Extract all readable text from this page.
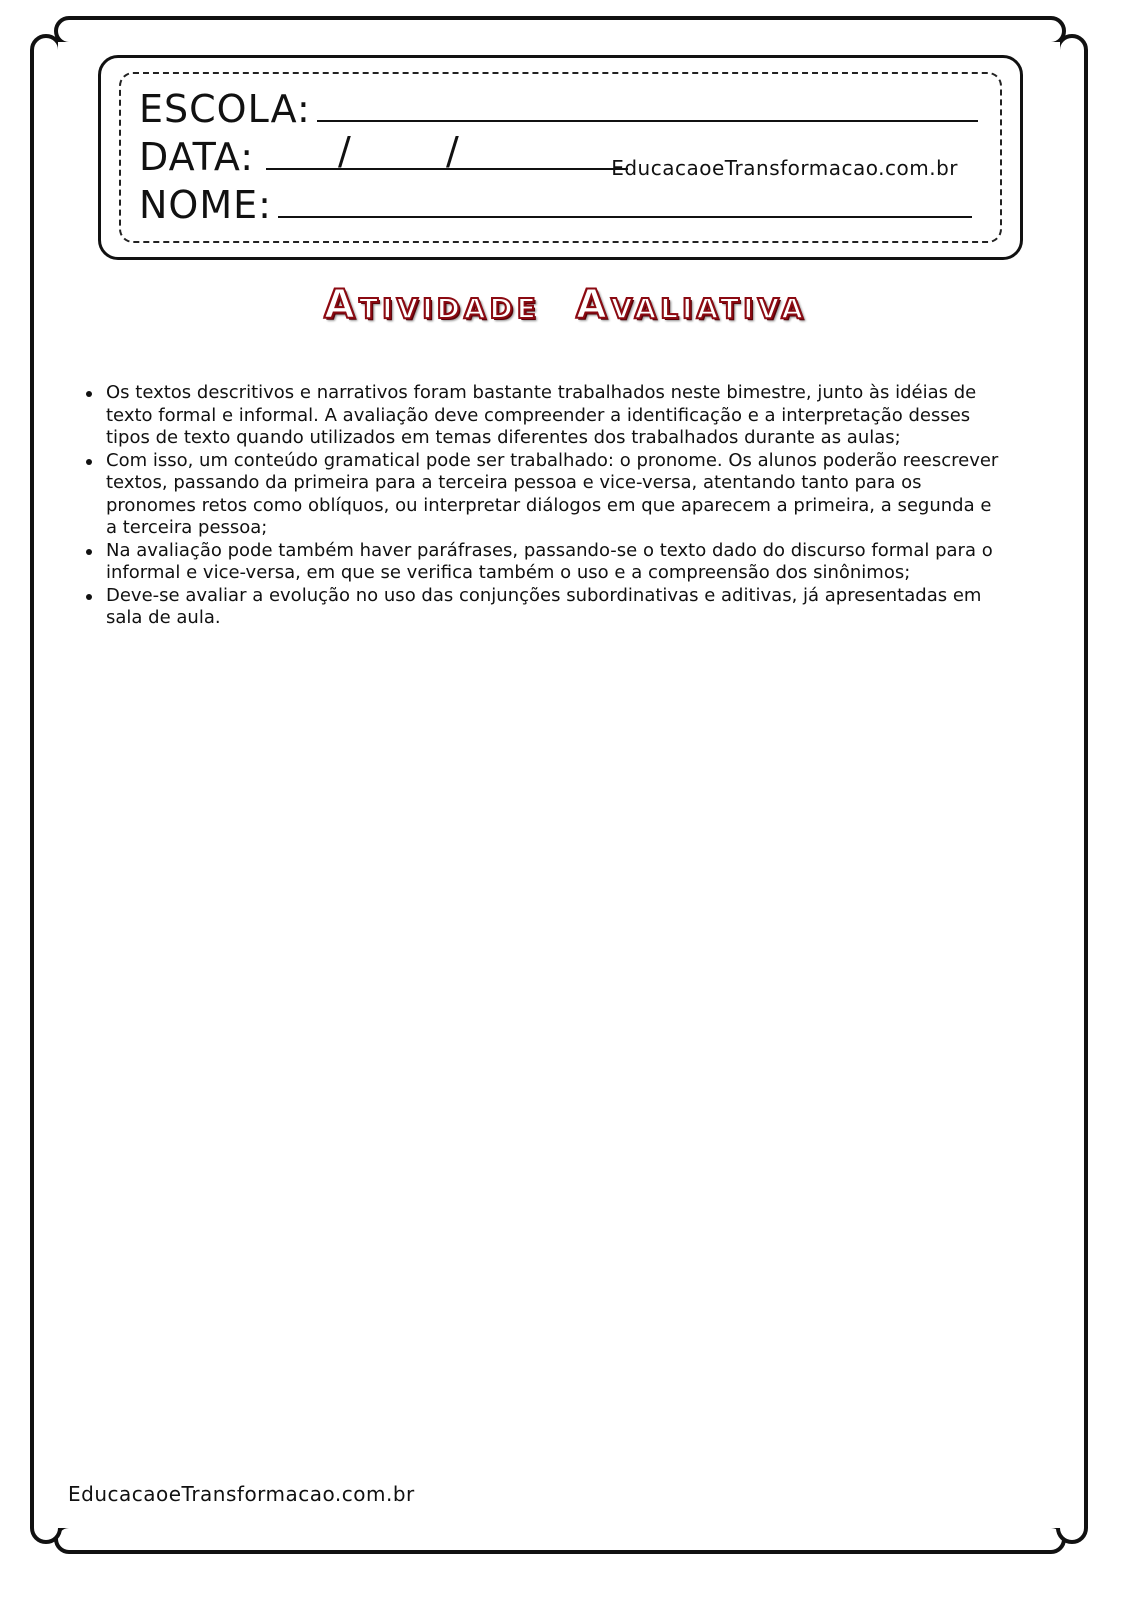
ESCOLA:
DATA: / /	EducacaoeTransformacao.com.br
NOME:
Atividade Avaliativa
Os textos descritivos e narrativos foram bastante trabalhados neste bimestre, junto às idéias de texto formal e informal. A avaliação deve compreender a identificação e a interpretação desses tipos de texto quando utilizados em temas diferentes dos trabalhados durante as aulas;
Com isso, um conteúdo gramatical pode ser trabalhado: o pronome. Os alunos poderão reescrever textos, passando da primeira para a terceira pessoa e vice-versa, atentando tanto para os pronomes retos como oblíquos, ou interpretar diálogos em que aparecem a primeira, a segunda e a terceira pessoa;
Na avaliação pode também haver paráfrases, passando-se o texto dado do discurso formal para o informal e vice-versa, em que se verifica também o uso e a compreensão dos sinônimos;
Deve-se avaliar a evolução no uso das conjunções subordinativas e aditivas, já apresentadas em sala de aula.
EducacaoeTransformacao.com.br
